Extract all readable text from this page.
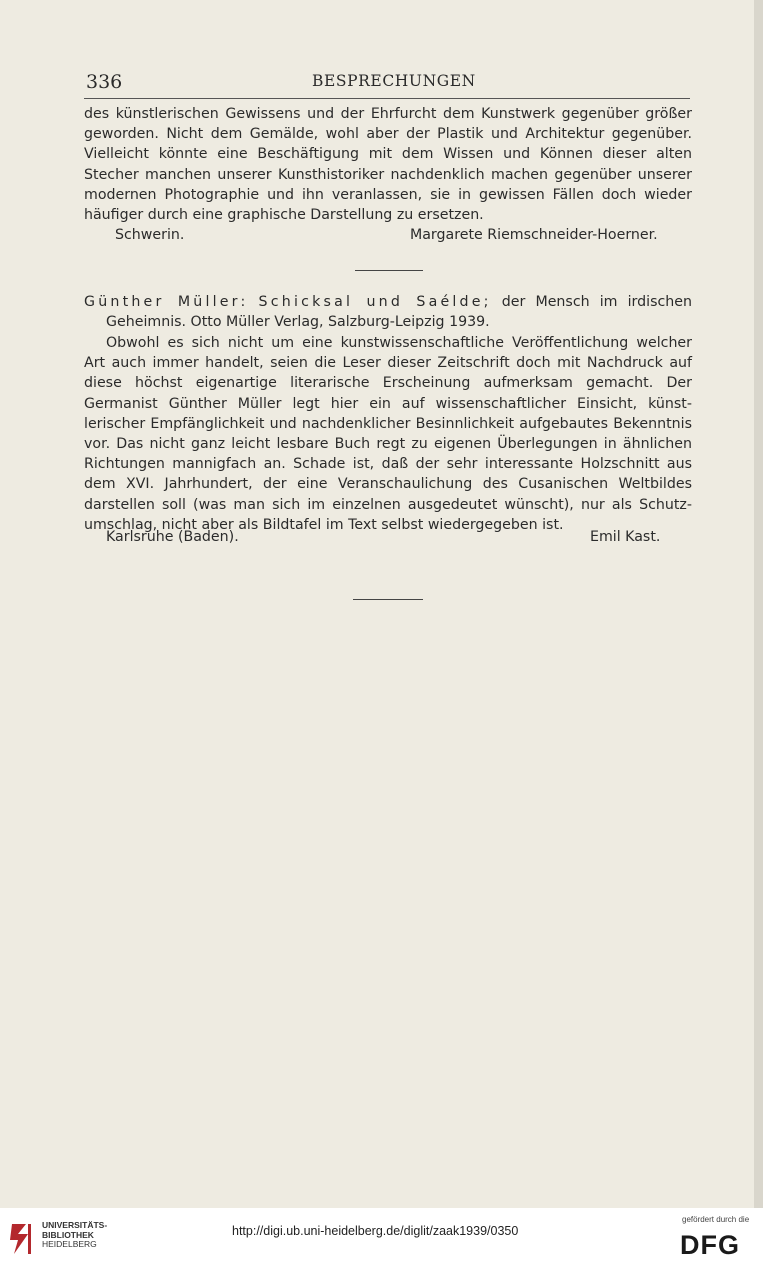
336	BESPRECHUNGEN
des künstlerischen Gewissens und der Ehrfurcht dem Kunstwerk gegenüber größer
geworden. Nicht dem Gemälde, wohl aber der Plastik und Architektur gegenüber.
Vielleicht könnte eine Beschäftigung mit dem Wissen und Können dieser alten
Stecher manchen unserer Kunsthistoriker nachdenklich machen gegenüber unserer
modernen Photographie und ihn veranlassen, sie in gewissen Fällen doch wieder
häufiger durch eine graphische Darstellung zu ersetzen.
Schwerin.	Margarete Riemschneider-Hoerner.
Günther Müller: Schicksal und Saélde; der Mensch im irdischen
Geheimnis. Otto Müller Verlag, Salzburg-Leipzig 1939.
Obwohl es sich nicht um eine kunstwissenschaftliche Veröffentlichung welcher
Art auch immer handelt, seien die Leser dieser Zeitschrift doch mit Nachdruck auf
diese höchst eigenartige literarische Erscheinung aufmerksam gemacht. Der
Germanist Günther Müller legt hier ein auf wissenschaftlicher Einsicht, künst-
lerischer Empfänglichkeit und nachdenklicher Besinnlichkeit aufgebautes Bekenntnis
vor. Das nicht ganz leicht lesbare Buch regt zu eigenen Überlegungen in ähnlichen
Richtungen mannigfach an. Schade ist, daß der sehr interessante Holzschnitt aus
dem XVI. Jahrhundert, der eine Veranschaulichung des Cusanischen Weltbildes
darstellen soll (was man sich im einzelnen ausgedeutet wünscht), nur als Schutz-
umschlag, nicht aber als Bildtafel im Text selbst wiedergegeben ist.
Karlsruhe (Baden).	Emil Kast.
UNIVERSITÄTS-
BIBLIOTHEK
HEIDELBERG
http://digi.ub.uni-heidelberg.de/diglit/zaak1939/0350
gefördert durch die
DFG
